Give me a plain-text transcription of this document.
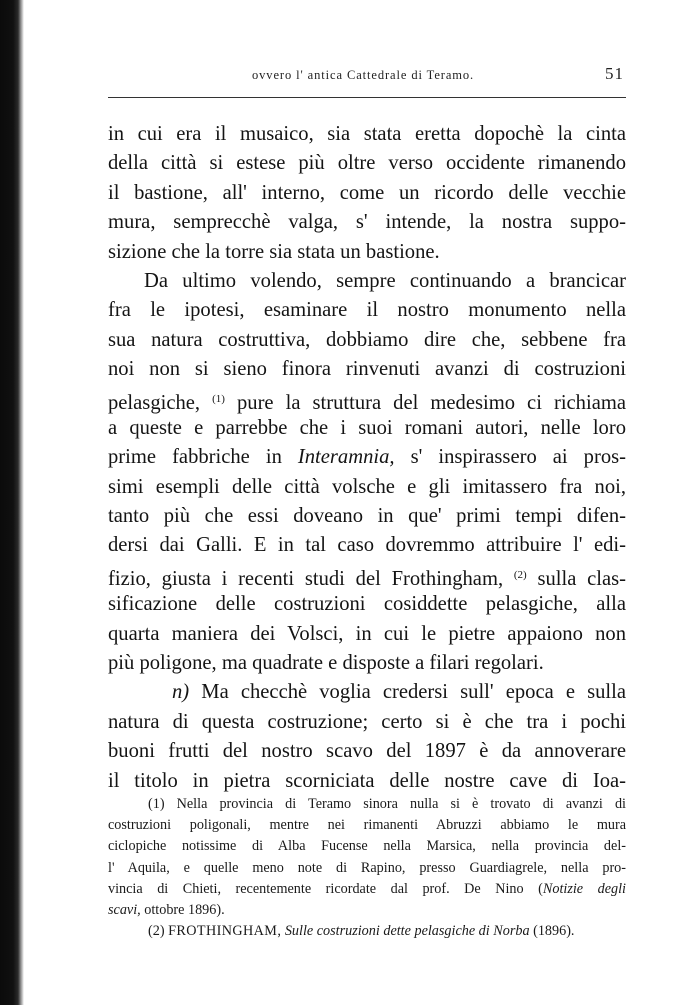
ovvero l' antica Cattedrale di Teramo.	51
in cui era il musaico, sia stata eretta dopochè la cinta
della città si estese più oltre verso occidente rimanendo
il bastione, all' interno, come un ricordo delle vecchie
mura, semprecchè valga, s' intende, la nostra suppo-
sizione che la torre sia stata un bastione.
Da ultimo volendo, sempre continuando a brancicar
fra le ipotesi, esaminare il nostro monumento nella
sua natura costruttiva, dobbiamo dire che, sebbene fra
noi non si sieno finora rinvenuti avanzi di costruzioni
pelasgiche, $^{(1)}$ pure la struttura del medesimo ci richiama
a queste e parrebbe che i suoi romani autori, nelle loro
prime fabbriche in Interamnia, s' inspirassero ai pros-
simi esempli delle città volsche e gli imitassero fra noi,
tanto più che essi doveano in que' primi tempi difen-
dersi dai Galli. E in tal caso dovremmo attribuire l' edi-
fizio, giusta i recenti studi del Frothingham, $^{(2)}$ sulla clas-
sificazione delle costruzioni cosiddette pelasgiche, alla
quarta maniera dei Volsci, in cui le pietre appaiono non
più poligone, ma quadrate e disposte a filari regolari.
n) Ma checchè voglia credersi sull' epoca e sulla
natura di questa costruzione; certo si è che tra i pochi
buoni frutti del nostro scavo del 1897 è da annoverare
il titolo in pietra scorniciata delle nostre cave di Ioa-
(1) Nella provincia di Teramo sinora nulla si è trovato di avanzi di
costruzioni poligonali, mentre nei rimanenti Abruzzi abbiamo le mura
ciclopiche notissime di Alba Fucense nella Marsica, nella provincia del-
l' Aquila, e quelle meno note di Rapino, presso Guardiagrele, nella pro-
vincia di Chieti, recentemente ricordate dal prof. De Nino (Notizie degli
scavi, ottobre 1896).
(2) FROTHINGHAM, Sulle costruzioni dette pelasgiche di Norba (1896).
